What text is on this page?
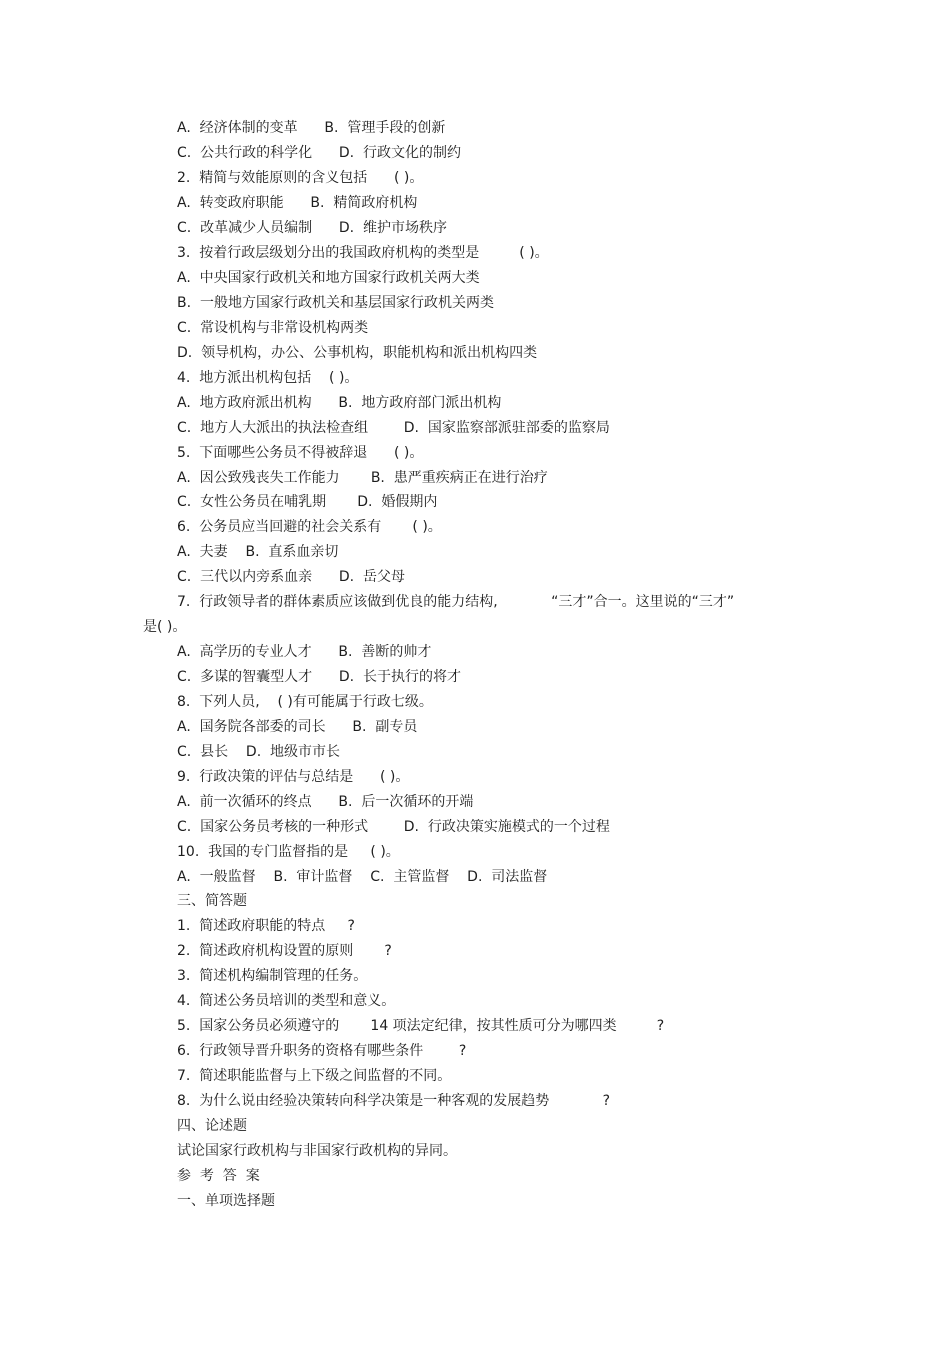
A.  经济体制的变革      B.  管理手段的创新
C.  公共行政的科学化      D.  行政文化的制约
2.  精简与效能原则的含义包括      ( )。
A.  转变政府职能      B.  精简政府机构
C.  改革减少人员编制      D.  维护市场秩序
3.  按着行政层级划分出的我国政府机构的类型是         ( )。
A.  中央国家行政机关和地方国家行政机关两大类
B.  一般地方国家行政机关和基层国家行政机关两类
C.  常设机构与非常设机构两类
D.  领导机构，办公、公事机构，职能机构和派出机构四类
4.  地方派出机构包括    ( )。
A.  地方政府派出机构      B.  地方政府部门派出机构
C.  地方人大派出的执法检查组        D.  国家监察部派驻部委的监察局
5.  下面哪些公务员不得被辞退      ( )。
A.  因公致残丧失工作能力       B.  患严重疾病正在进行治疗
C.  女性公务员在哺乳期       D.  婚假期内
6.  公务员应当回避的社会关系有       ( )。
A.  夫妻    B.  直系血亲切
C.  三代以内旁系血亲      D.  岳父母
7.  行政领导者的群体素质应该做到优良的能力结构,            “三才”合一。这里说的“三才”
是( )。
A.  高学历的专业人才      B.  善断的帅才
C.  多谋的智囊型人才      D.  长于执行的将才
8.  下列人员,    ( )有可能属于行政七级。
A.  国务院各部委的司长      B.  副专员
C.  县长    D.  地级市市长
9.  行政决策的评估与总结是      ( )。
A.  前一次循环的终点      B.  后一次循环的开端
C.  国家公务员考核的一种形式        D.  行政决策实施模式的一个过程
10.  我国的专门监督指的是     ( )。
A.  一般监督    B.  审计监督    C.  主管监督    D.  司法监督
三、简答题
1.  简述政府职能的特点     ?
2.  简述政府机构设置的原则       ?
3.  简述机构编制管理的任务。
4.  简述公务员培训的类型和意义。
5.  国家公务员必须遵守的       14 项法定纪律，按其性质可分为哪四类         ?
6.  行政领导晋升职务的资格有哪些条件        ?
7.  简述职能监督与上下级之间监督的不同。
8.  为什么说由经验决策转向科学决策是一种客观的发展趋势            ?
四、论述题
试论国家行政机构与非国家行政机构的异同。
参  考  答  案
一、单项选择题
